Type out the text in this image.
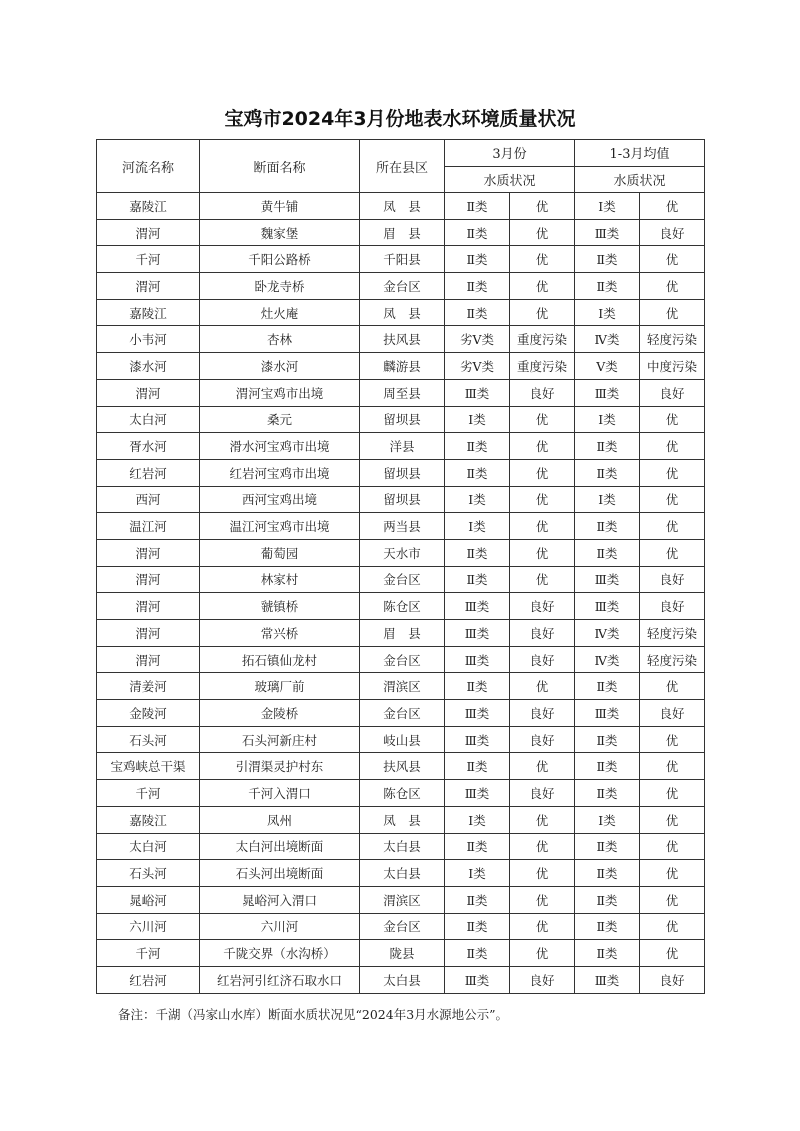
宝鸡市2024年3月份地表水环境质量状况
河流名称	断面名称	所在县区	3月份		1-3月均值	
			水质状况		水质状况	
嘉陵江	黄牛铺	凤　县	Ⅱ类	优	Ⅰ类	优
渭河	魏家堡	眉　县	Ⅱ类	优	Ⅲ类	良好
千河	千阳公路桥	千阳县	Ⅱ类	优	Ⅱ类	优
渭河	卧龙寺桥	金台区	Ⅱ类	优	Ⅱ类	优
嘉陵江	灶火庵	凤　县	Ⅱ类	优	Ⅰ类	优
小韦河	杏林	扶风县	劣Ⅴ类	重度污染	Ⅳ类	轻度污染
漆水河	漆水河	麟游县	劣Ⅴ类	重度污染	Ⅴ类	中度污染
渭河	渭河宝鸡市出境	周至县	Ⅲ类	良好	Ⅲ类	良好
太白河	桑元	留坝县	Ⅰ类	优	Ⅰ类	优
胥水河	滑水河宝鸡市出境	洋县	Ⅱ类	优	Ⅱ类	优
红岩河	红岩河宝鸡市出境	留坝县	Ⅱ类	优	Ⅱ类	优
西河	西河宝鸡出境	留坝县	Ⅰ类	优	Ⅰ类	优
温江河	温江河宝鸡市出境	两当县	Ⅰ类	优	Ⅱ类	优
渭河	葡萄园	天水市	Ⅱ类	优	Ⅱ类	优
渭河	林家村	金台区	Ⅱ类	优	Ⅲ类	良好
渭河	虢镇桥	陈仓区	Ⅲ类	良好	Ⅲ类	良好
渭河	常兴桥	眉　县	Ⅲ类	良好	Ⅳ类	轻度污染
渭河	拓石镇仙龙村	金台区	Ⅲ类	良好	Ⅳ类	轻度污染
清姜河	玻璃厂前	渭滨区	Ⅱ类	优	Ⅱ类	优
金陵河	金陵桥	金台区	Ⅲ类	良好	Ⅲ类	良好
石头河	石头河新庄村	岐山县	Ⅲ类	良好	Ⅱ类	优
宝鸡峡总干渠	引渭渠灵护村东	扶风县	Ⅱ类	优	Ⅱ类	优
千河	千河入渭口	陈仓区	Ⅲ类	良好	Ⅱ类	优
嘉陵江	凤州	凤　县	Ⅰ类	优	Ⅰ类	优
太白河	太白河出境断面	太白县	Ⅱ类	优	Ⅱ类	优
石头河	石头河出境断面	太白县	Ⅰ类	优	Ⅱ类	优
晁峪河	晁峪河入渭口	渭滨区	Ⅱ类	优	Ⅱ类	优
六川河	六川河	金台区	Ⅱ类	优	Ⅱ类	优
千河	千陇交界（水沟桥）	陇县	Ⅱ类	优	Ⅱ类	优
红岩河	红岩河引红济石取水口	太白县	Ⅲ类	良好	Ⅲ类	良好
备注：千湖（冯家山水库）断面水质状况见“2024年3月水源地公示”。
